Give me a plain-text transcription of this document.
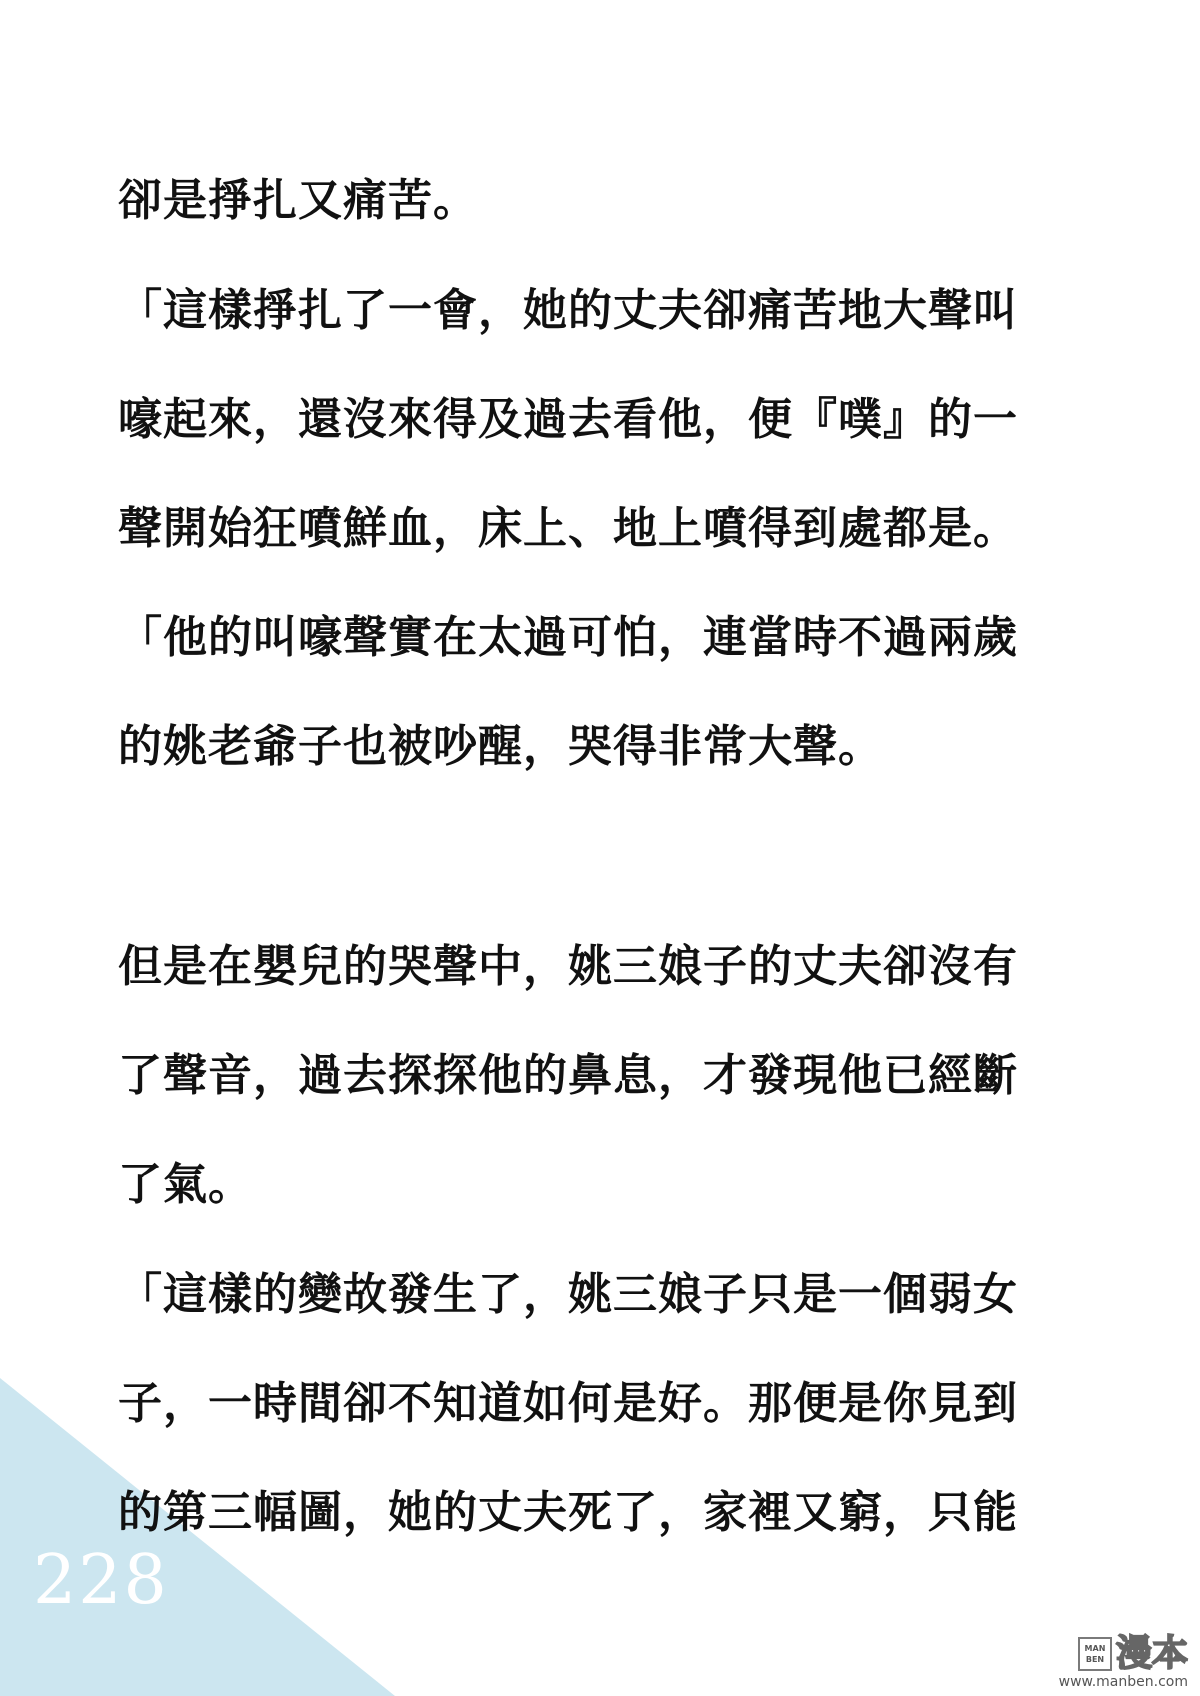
228
卻是掙扎又痛苦。
「這樣掙扎了一會，她的丈夫卻痛苦地大聲叫
嚎起來，還沒來得及過去看他，便『噗』的一
聲開始狂噴鮮血，床上、地上噴得到處都是。
「他的叫嚎聲實在太過可怕，連當時不過兩歲
的姚老爺子也被吵醒，哭得非常大聲。
但是在嬰兒的哭聲中，姚三娘子的丈夫卻沒有
了聲音，過去探探他的鼻息，才發現他已經斷
了氣。
「這樣的變故發生了，姚三娘子只是一個弱女
子，一時間卻不知道如何是好。那便是你見到
的第三幅圖，她的丈夫死了，家裡又窮，只能
MAN BEN 漫本
www.manben.com
